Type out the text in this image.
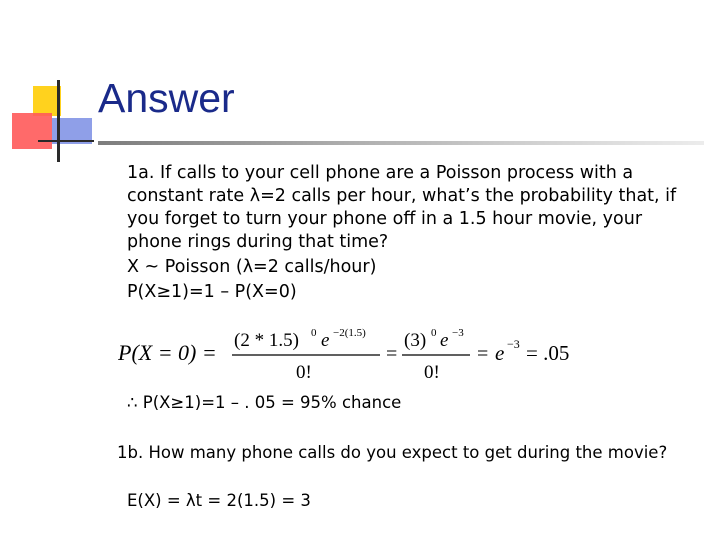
Answer

1a. If calls to your cell phone are a Poisson process with a constant rate λ=2 calls per hour, what’s the probability that, if you forget to turn your phone off in a 1.5 hour movie, your phone rings during that time?

X ~ Poisson (λ=2 calls/hour)

P(X≥1)=1 – P(X=0)

P(X = 0) = (2 * 1.5) 0 e −2(1.5)
0!
=
(3) 0 e −3
0!
= e −3 = .05
∴ P(X≥1)=1 – . 05 = 95% chance
1b. How many phone calls do you expect to get during the movie?
E(X) = λt = 2(1.5) = 3
